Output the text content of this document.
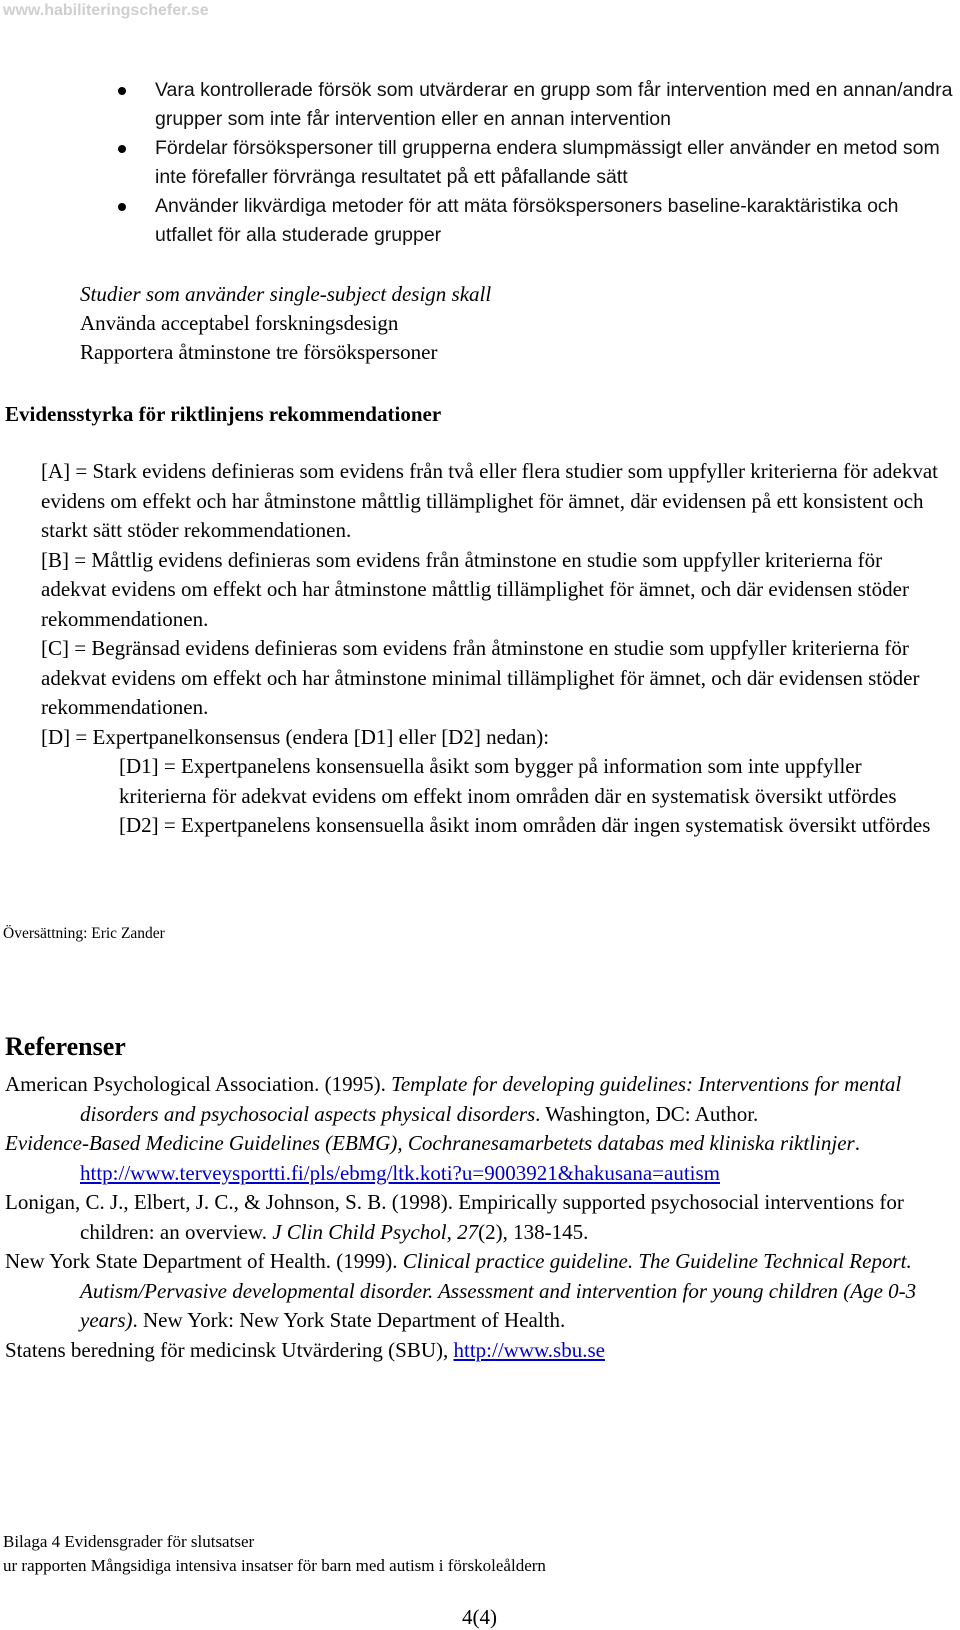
www.habiliteringschefer.se
Vara kontrollerade försök som utvärderar en grupp som får intervention med en annan/andra grupper som inte får intervention eller en annan intervention
Fördelar försökspersoner till grupperna endera slumpmässigt eller använder en metod som inte förefaller förvränga resultatet på ett påfallande sätt
Använder likvärdiga metoder för att mäta försökspersoners baseline-karaktäristika och utfallet för alla studerade grupper
Studier som använder single-subject design skall
Använda acceptabel forskningsdesign
Rapportera åtminstone tre försökspersoner
Evidensstyrka för riktlinjens rekommendationer
[A] = Stark evidens definieras som evidens från två eller flera studier som uppfyller kriterierna för adekvat evidens om effekt och har åtminstone måttlig tillämplighet för ämnet, där evidensen på ett konsistent och starkt sätt stöder rekommendationen.
[B] = Måttlig evidens definieras som evidens från åtminstone en studie som uppfyller kriterierna för adekvat evidens om effekt och har åtminstone måttlig tillämplighet för ämnet, och där evidensen stöder rekommendationen.
[C] = Begränsad evidens definieras som evidens från åtminstone en studie som uppfyller kriterierna för adekvat evidens om effekt och har åtminstone minimal tillämplighet för ämnet, och där evidensen stöder rekommendationen.
[D] = Expertpanelkonsensus (endera [D1] eller [D2] nedan):
[D1] = Expertpanelens konsensuella åsikt som bygger på information som inte uppfyller kriterierna för adekvat evidens om effekt inom områden där en systematisk översikt utfördes
[D2] = Expertpanelens konsensuella åsikt inom områden där ingen systematisk översikt utfördes
Översättning: Eric Zander
Referenser
American Psychological Association. (1995). Template for developing guidelines: Interventions for mental disorders and psychosocial aspects physical disorders. Washington, DC: Author.
Evidence-Based Medicine Guidelines (EBMG), Cochranesamarbetets databas med kliniska riktlinjer. http://www.terveysportti.fi/pls/ebmg/ltk.koti?u=9003921&hakusana=autism
Lonigan, C. J., Elbert, J. C., & Johnson, S. B. (1998). Empirically supported psychosocial interventions for children: an overview. J Clin Child Psychol, 27(2), 138-145.
New York State Department of Health. (1999). Clinical practice guideline. The Guideline Technical Report. Autism/Pervasive developmental disorder. Assessment and intervention for young children (Age 0-3 years). New York: New York State Department of Health.
Statens beredning för medicinsk Utvärdering (SBU), http://www.sbu.se
Bilaga 4 Evidensgrader för slutsatser
ur rapporten Mångsidiga intensiva insatser för barn med autism i förskoleåldern
4(4)
